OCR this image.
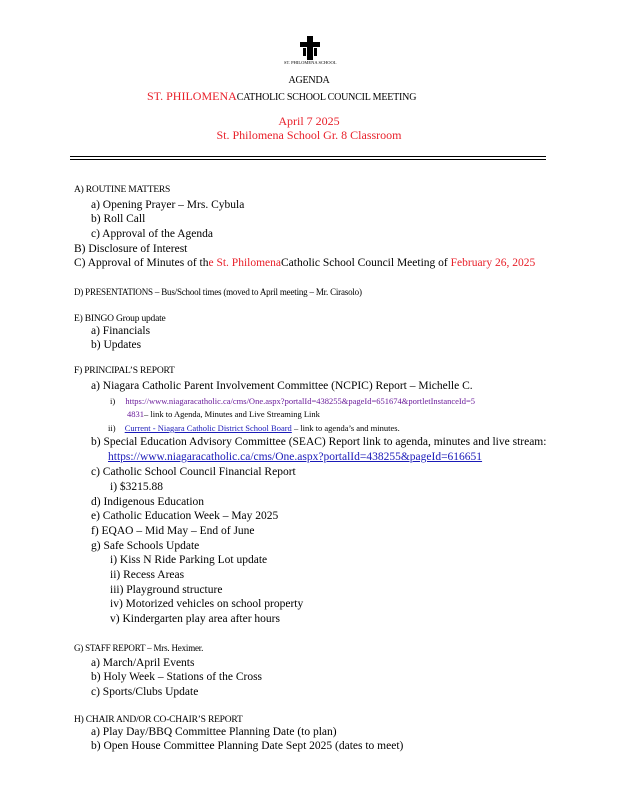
ST. PHILOMENA SCHOOL
AGENDA
ST. PHILOMENACATHOLIC SCHOOL COUNCIL MEETING
April 7 2025
St. Philomena School Gr. 8 Classroom
A) ROUTINE MATTERS
a) Opening Prayer – Mrs. Cybula
b) Roll Call
c) Approval of the Agenda
B) Disclosure of Interest
C) Approval of Minutes of the St. PhilomenaCatholic School Council Meeting of February 26, 2025
D) PRESENTATIONS – Bus/School times (moved to April meeting – Mr. Cirasolo)
E) BINGO Group update
a) Financials
b) Updates
F) PRINCIPAL’S REPORT
a) Niagara Catholic Parent Involvement Committee (NCPIC) Report – Michelle C.
i) https://www.niagaracatholic.ca/cms/One.aspx?portalId=438255&pageId=651674&portletInstanceId=5
4831– link to Agenda, Minutes and Live Streaming Link
ii) Current - Niagara Catholic District School Board – link to agenda’s and minutes.
b) Special Education Advisory Committee (SEAC) Report link to agenda, minutes and live stream:
https://www.niagaracatholic.ca/cms/One.aspx?portalId=438255&pageId=616651
c) Catholic School Council Financial Report
i) $3215.88
d) Indigenous Education
e) Catholic Education Week – May 2025
f) EQAO – Mid May – End of June
g) Safe Schools Update
i) Kiss N Ride Parking Lot update
ii) Recess Areas
iii) Playground structure
iv) Motorized vehicles on school property
v) Kindergarten play area after hours
G) STAFF REPORT – Mrs. Heximer.
a) March/April Events
b) Holy Week – Stations of the Cross
c) Sports/Clubs Update
H) CHAIR AND/OR CO-CHAIR’S REPORT
a) Play Day/BBQ Committee Planning Date (to plan)
b) Open House Committee Planning Date Sept 2025 (dates to meet)
